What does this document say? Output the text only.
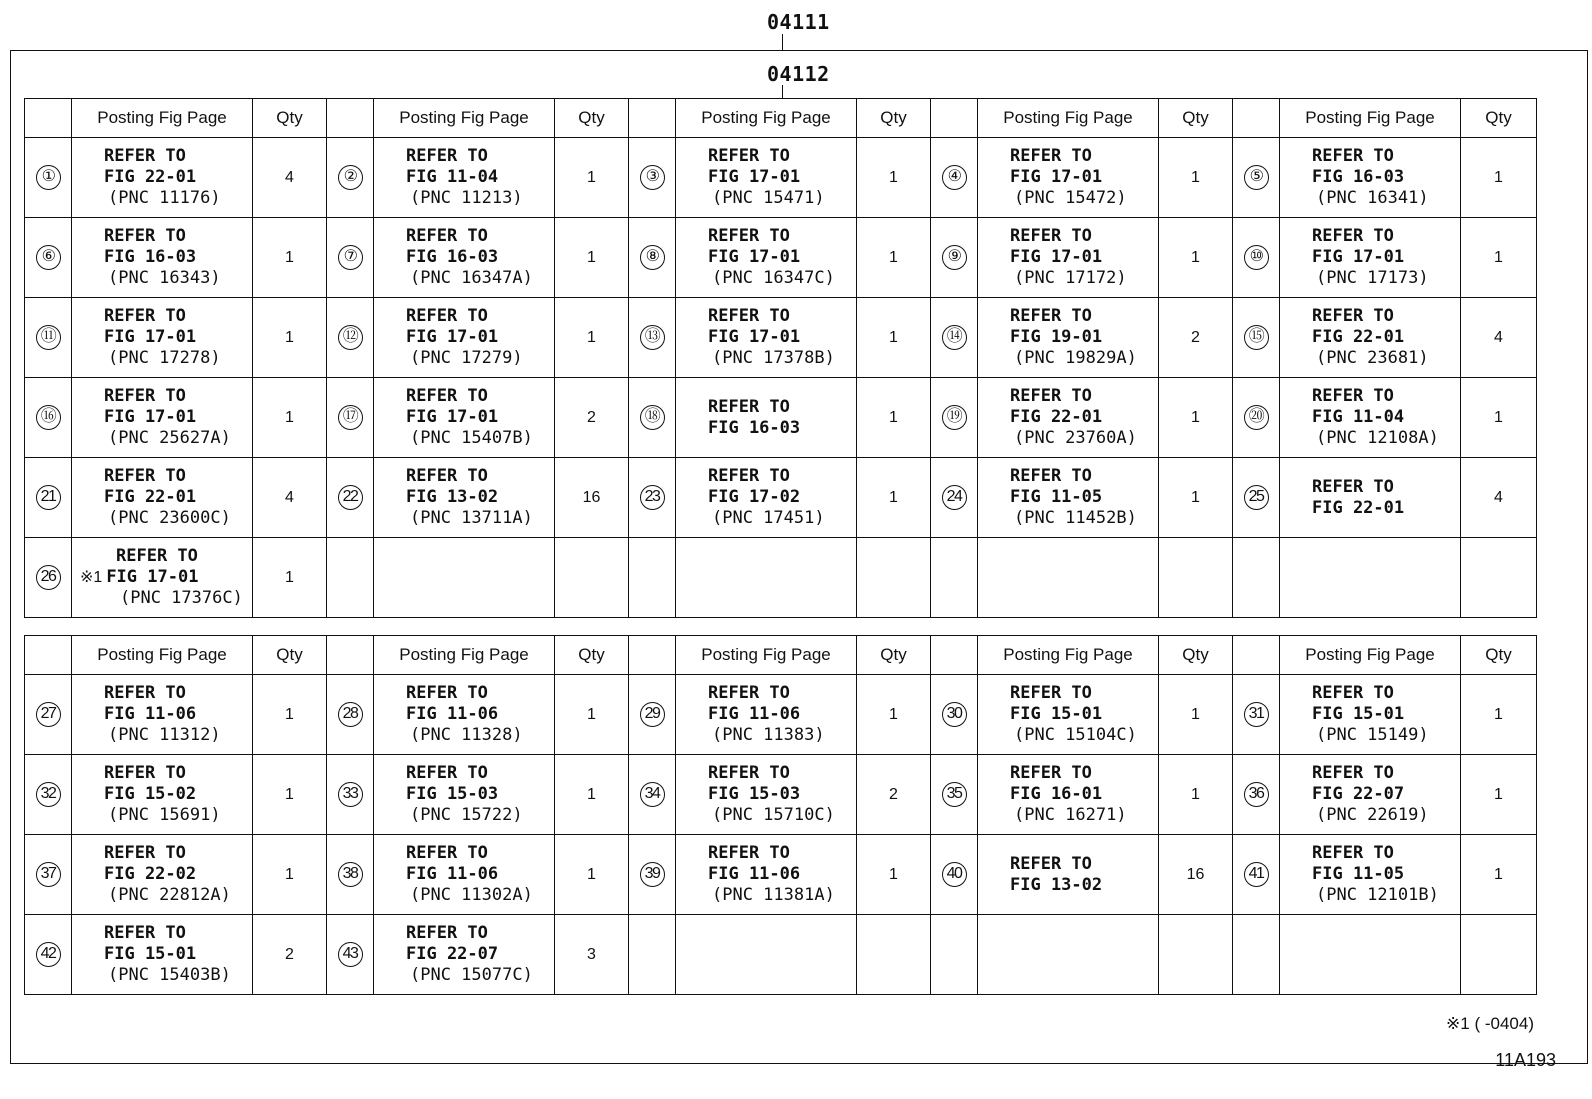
04111
04112
	Posting Fig Page	Qty		Posting Fig Page	Qty		Posting Fig Page	Qty		Posting Fig Page	Qty		Posting Fig Page	Qty
①	REFER TO
FIG 22-01
(PNC 11176)	4	②	REFER TO
FIG 11-04
(PNC 11213)	1	③	REFER TO
FIG 17-01
(PNC 15471)	1	④	REFER TO
FIG 17-01
(PNC 15472)	1	⑤	REFER TO
FIG 16-03
(PNC 16341)	1
⑥	REFER TO
FIG 16-03
(PNC 16343)	1	⑦	REFER TO
FIG 16-03
(PNC 16347A)	1	⑧	REFER TO
FIG 17-01
(PNC 16347C)	1	⑨	REFER TO
FIG 17-01
(PNC 17172)	1	⑩	REFER TO
FIG 17-01
(PNC 17173)	1
⑪	REFER TO
FIG 17-01
(PNC 17278)	1	⑫	REFER TO
FIG 17-01
(PNC 17279)	1	⑬	REFER TO
FIG 17-01
(PNC 17378B)	1	⑭	REFER TO
FIG 19-01
(PNC 19829A)	2	⑮	REFER TO
FIG 22-01
(PNC 23681)	4
⑯	REFER TO
FIG 17-01
(PNC 25627A)	1	⑰	REFER TO
FIG 17-01
(PNC 15407B)	2	⑱	REFER TO
FIG 16-03	1	⑲	REFER TO
FIG 22-01
(PNC 23760A)	1	⑳	REFER TO
FIG 11-04
(PNC 12108A)	1
21	REFER TO
FIG 22-01
(PNC 23600C)	4	22	REFER TO
FIG 13-02
(PNC 13711A)	16	23	REFER TO
FIG 17-02
(PNC 17451)	1	24	REFER TO
FIG 11-05
(PNC 11452B)	1	25	REFER TO
FIG 22-01	4
26	REFER TO
※1 FIG 17-01
(PNC 17376C)	1												
	Posting Fig Page	Qty		Posting Fig Page	Qty		Posting Fig Page	Qty		Posting Fig Page	Qty		Posting Fig Page	Qty
27	REFER TO
FIG 11-06
(PNC 11312)	1	28	REFER TO
FIG 11-06
(PNC 11328)	1	29	REFER TO
FIG 11-06
(PNC 11383)	1	30	REFER TO
FIG 15-01
(PNC 15104C)	1	31	REFER TO
FIG 15-01
(PNC 15149)	1
32	REFER TO
FIG 15-02
(PNC 15691)	1	33	REFER TO
FIG 15-03
(PNC 15722)	1	34	REFER TO
FIG 15-03
(PNC 15710C)	2	35	REFER TO
FIG 16-01
(PNC 16271)	1	36	REFER TO
FIG 22-07
(PNC 22619)	1
37	REFER TO
FIG 22-02
(PNC 22812A)	1	38	REFER TO
FIG 11-06
(PNC 11302A)	1	39	REFER TO
FIG 11-06
(PNC 11381A)	1	40	REFER TO
FIG 13-02	16	41	REFER TO
FIG 11-05
(PNC 12101B)	1
42	REFER TO
FIG 15-01
(PNC 15403B)	2	43	REFER TO
FIG 22-07
(PNC 15077C)	3									
※1 ( -0404)
11A193
